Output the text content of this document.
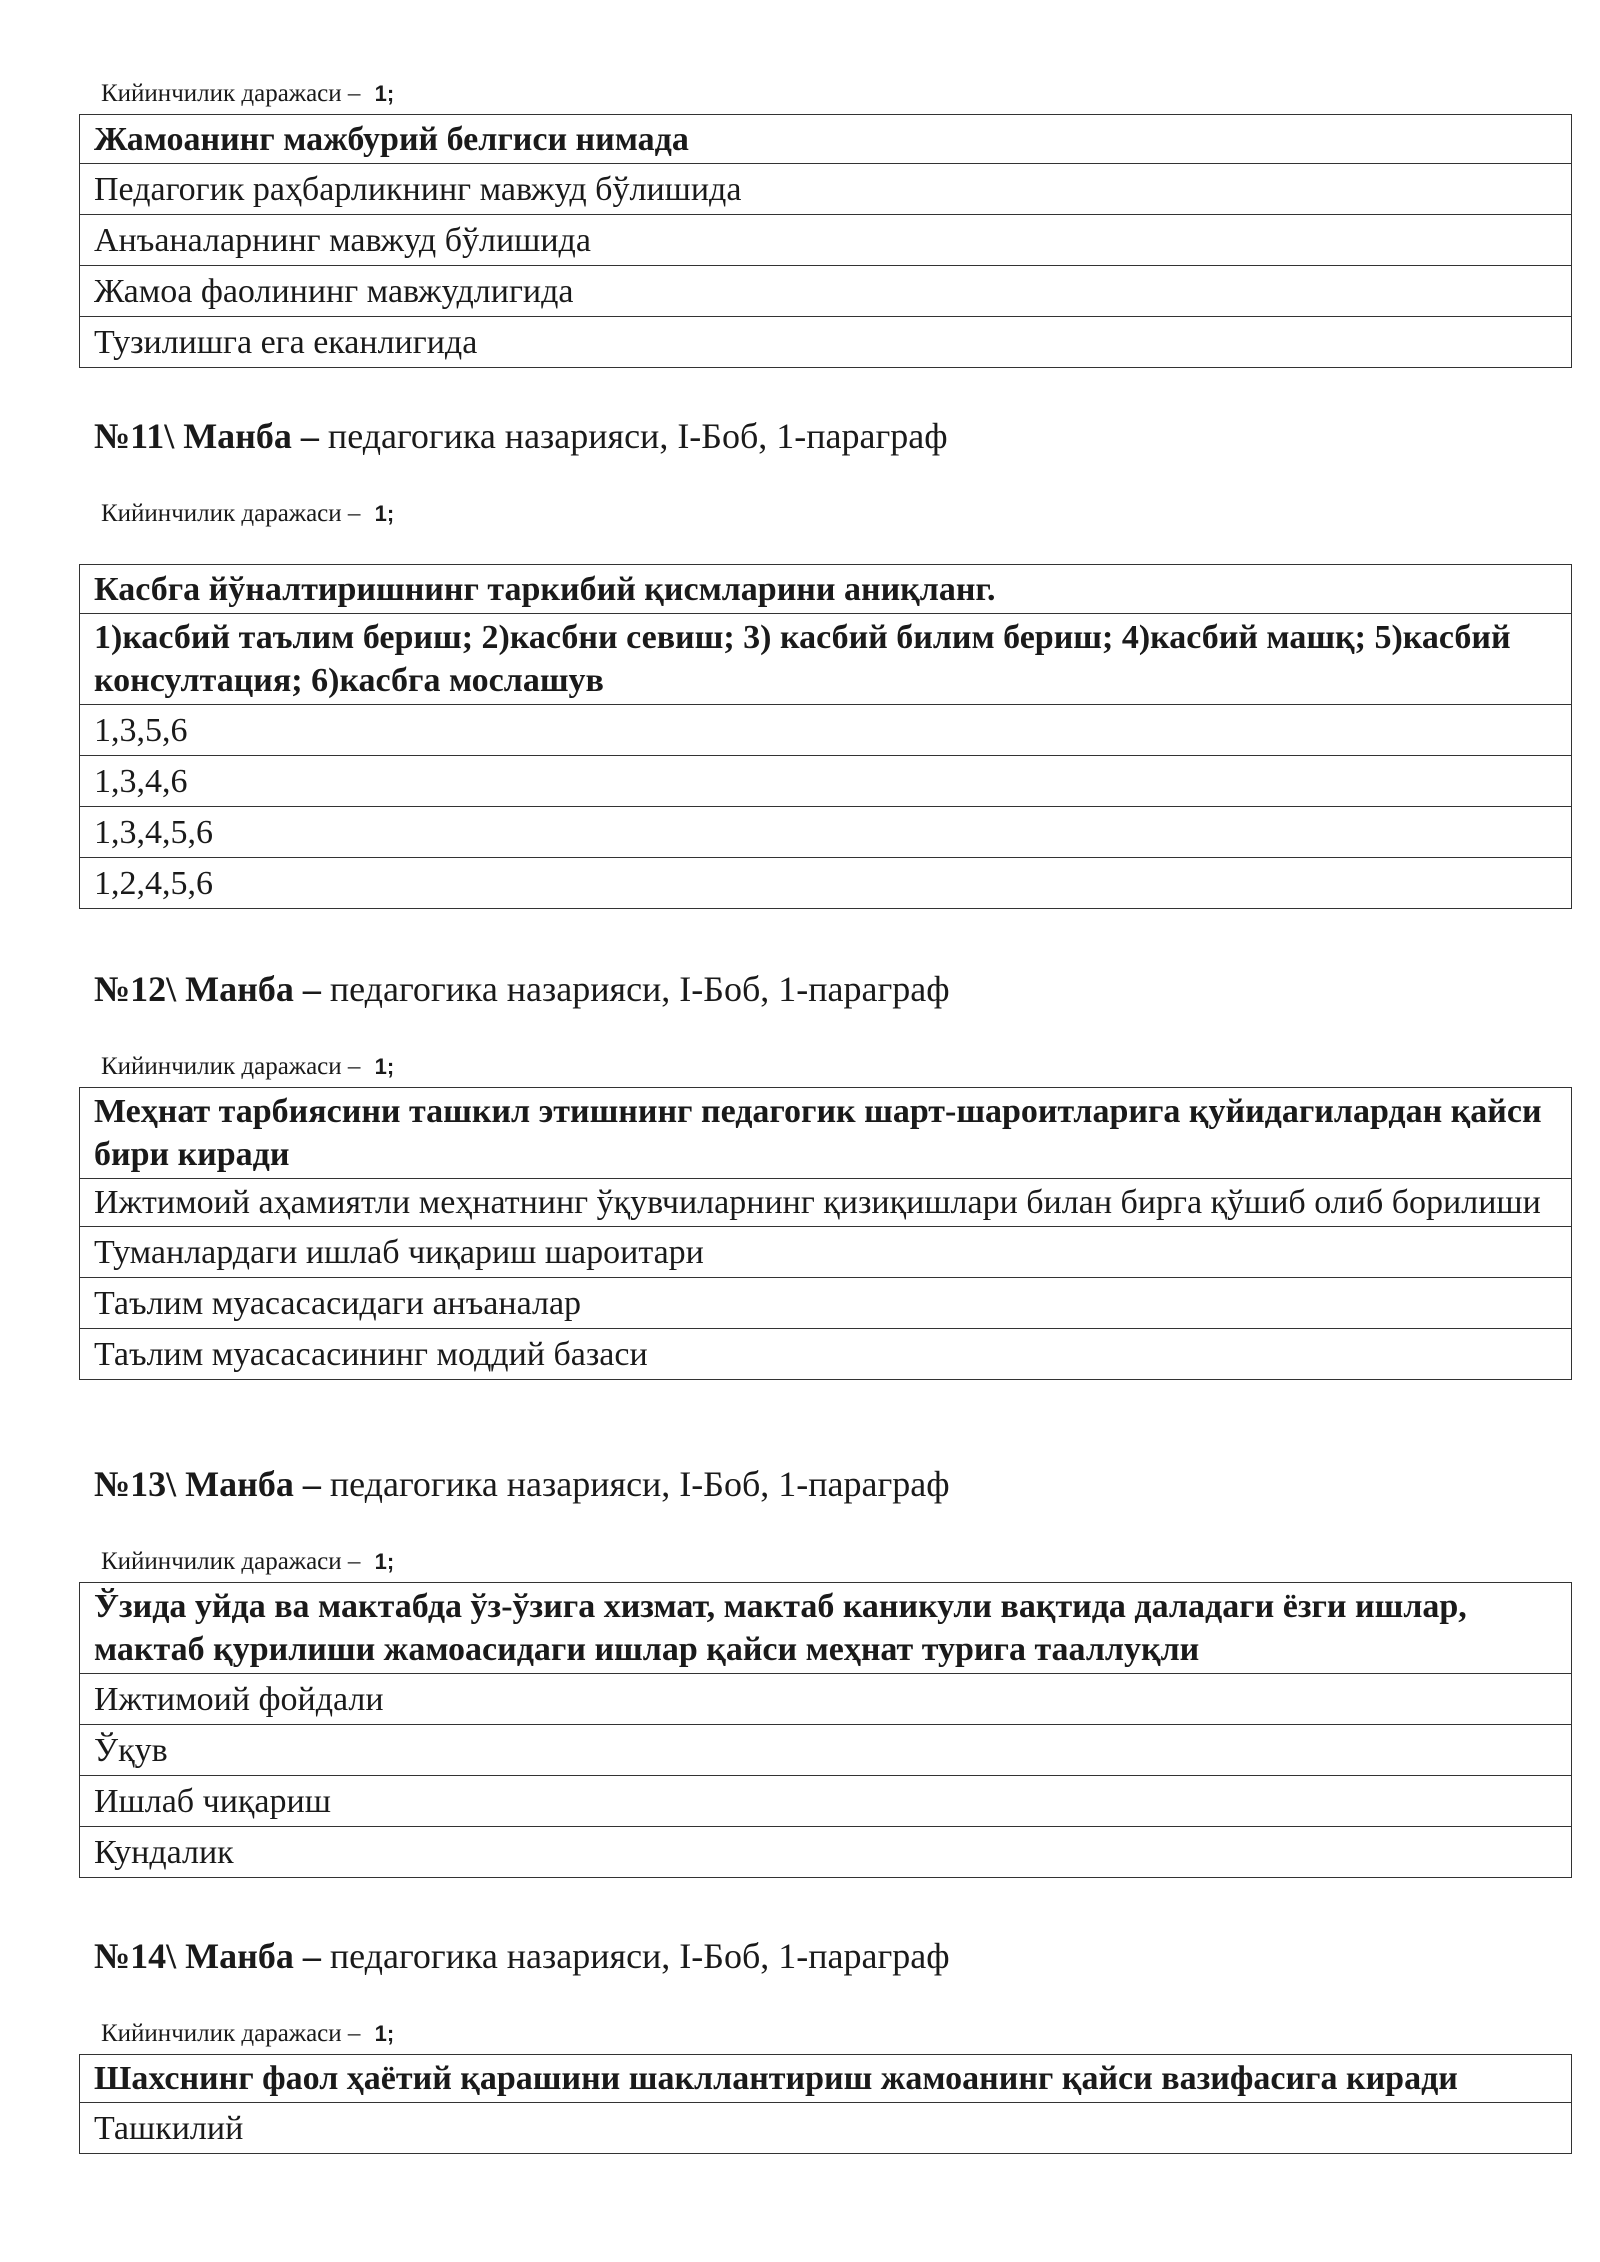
Кийинчилик даражаси – 1;
Жамоанинг мажбурий белгиси нимада
Педагогик раҳбарликнинг мавжуд бўлишида
Анъаналарнинг мавжуд бўлишида
Жамоа фаолининг мавжудлигида
Тузилишга ега еканлигида
№11\ Манба – педагогика назарияси, I-Боб, 1-параграф
Кийинчилик даражаси – 1;
Касбга йўналтиришнинг таркибий қисмларини аниқланг.
1)касбий таълим бериш; 2)касбни севиш; 3) касбий билим бериш; 4)касбий машқ; 5)касбий консултация; 6)касбга мослашув
1,3,5,6
1,3,4,6
1,3,4,5,6
1,2,4,5,6
№12\ Манба – педагогика назарияси, I-Боб, 1-параграф
Кийинчилик даражаси – 1;
Меҳнат тарбиясини ташкил этишнинг педагогик шарт-шароитларига қуйидагилардан қайси бири киради
Ижтимоий аҳамиятли меҳнатнинг ўқувчиларнинг қизиқишлари билан бирга қўшиб олиб борилиши
Туманлардаги ишлаб чиқариш шароитари
Таълим муасасасидаги анъаналар
Таълим муасасасининг моддий базаси
№13\ Манба – педагогика назарияси, I-Боб, 1-параграф
Кийинчилик даражаси – 1;
Ўзида уйда ва мактабда ўз-ўзига хизмат, мактаб каникули вақтида даладаги ёзги ишлар, мактаб қурилиши жамоасидаги ишлар қайси меҳнат турига тааллуқли
Ижтимоий фойдали
Ўқув
Ишлаб чиқариш
Кундалик
№14\ Манба – педагогика назарияси, I-Боб, 1-параграф
Кийинчилик даражаси – 1;
Шахснинг фаол ҳаётий қарашини шакллантириш жамоанинг қайси вазифасига киради
Ташкилий
